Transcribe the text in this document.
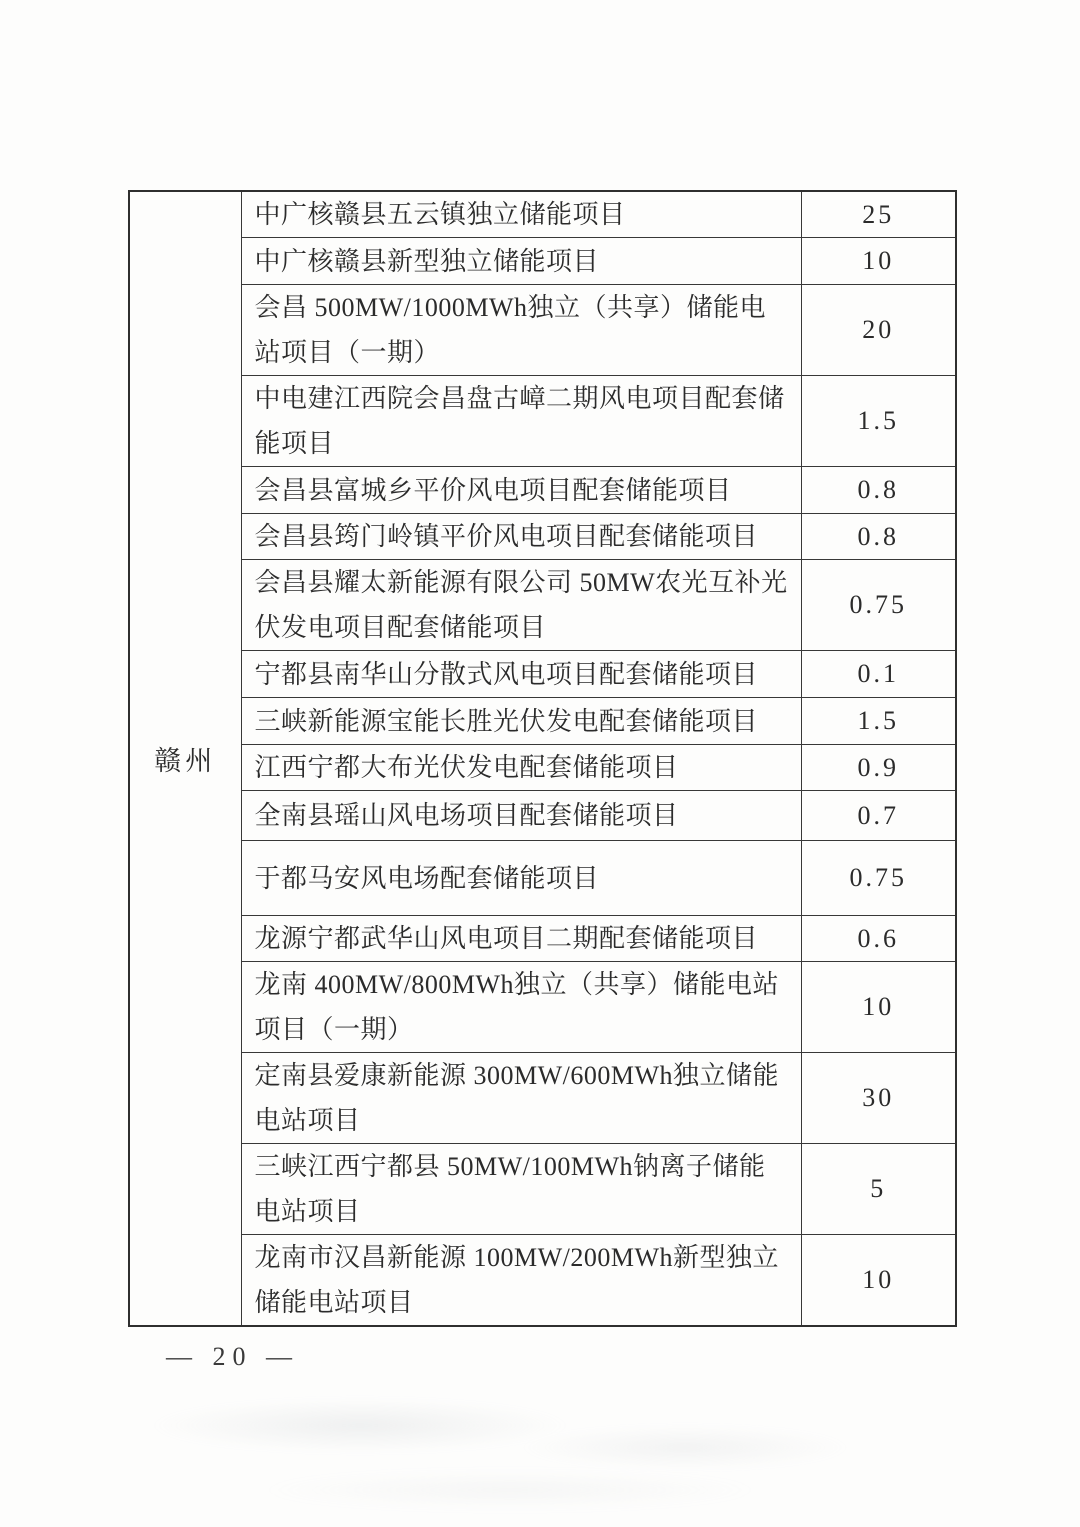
赣州	中广核赣县五云镇独立储能项目	25
	中广核赣县新型独立储能项目	10
	会昌 500MW/1000MWh独立（共享）储能电站项目（一期）	20
	中电建江西院会昌盘古嶂二期风电项目配套储能项目	1.5
	会昌县富城乡平价风电项目配套储能项目	0.8
	会昌县筠门岭镇平价风电项目配套储能项目	0.8
	会昌县耀太新能源有限公司 50MW农光互补光伏发电项目配套储能项目	0.75
	宁都县南华山分散式风电项目配套储能项目	0.1
	三峡新能源宝能长胜光伏发电配套储能项目	1.5
	江西宁都大布光伏发电配套储能项目	0.9
	全南县瑶山风电场项目配套储能项目	0.7
	于都马安风电场配套储能项目	0.75
	龙源宁都武华山风电项目二期配套储能项目	0.6
	龙南 400MW/800MWh独立（共享）储能电站项目（一期）	10
	定南县爱康新能源 300MW/600MWh独立储能电站项目	30
	三峡江西宁都县 50MW/100MWh钠离子储能电站项目	5
	龙南市汉昌新能源 100MW/200MWh新型独立储能电站项目	10
— 20 —
